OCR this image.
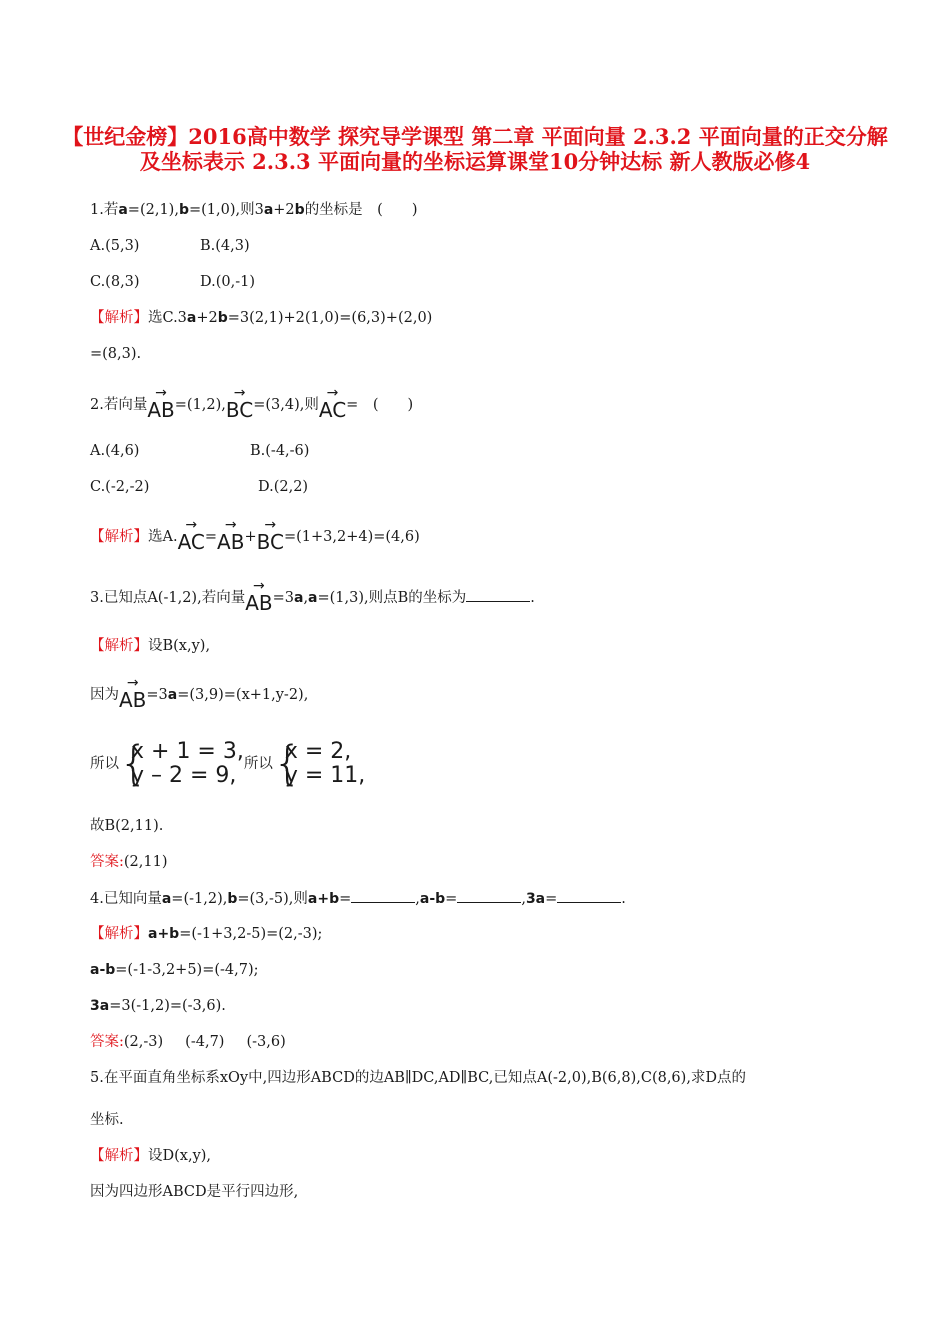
【世纪金榜】2016高中数学 探究导学课型 第二章 平面向量 2.3.2 平面向量的正交分解及坐标表示 2.3.3 平面向量的坐标运算课堂10分钟达标 新人教版必修4
1.若a=(2,1),b=(1,0),则3a+2b的坐标是　(　　)
A.(5,3)	B.(4,3)
C.(8,3)	D.(0,-1)
【解析】选C.3a+2b=3(2,1)+2(1,0)=(6,3)+(2,0)
=(8,3).
2.若向量
→
AB=(1,2),
→
BC=(3,4),则
→
AC=　(　　)
A.(4,6)	B.(-4,-6)
C.(-2,-2)	D.(2,2)
【解析】选A.
→
AC=
→
AB+
→
BC=(1+3,2+4)=(4,6)
3.已知点A(-1,2),若向量
→
AB=3a,a=(1,3),则点B的坐标为	.
【解析】设B(x,y),
因为
→
AB=3a=(3,9)=(x+1,y-2),
所以 {
x + 1 = 3,
y – 2 = 9, 所以 {
x = 2,
y = 11,
故B(2,11).
答案:(2,11)
4.已知向量a=(-1,2),b=(3,-5),则a+b=	,a-b=	,3a=	.
【解析】a+b=(-1+3,2-5)=(2,-3);
a-b=(-1-3,2+5)=(-4,7);
3a=3(-1,2)=(-3,6).
答案:(2,-3) (-4,7) (-3,6)
5.在平面直角坐标系xOy中,四边形ABCD的边AB∥DC,AD∥BC,已知点A(-2,0),B(6,8),C(8,6),求D点的
坐标.
【解析】设D(x,y),
因为四边形ABCD是平行四边形,
